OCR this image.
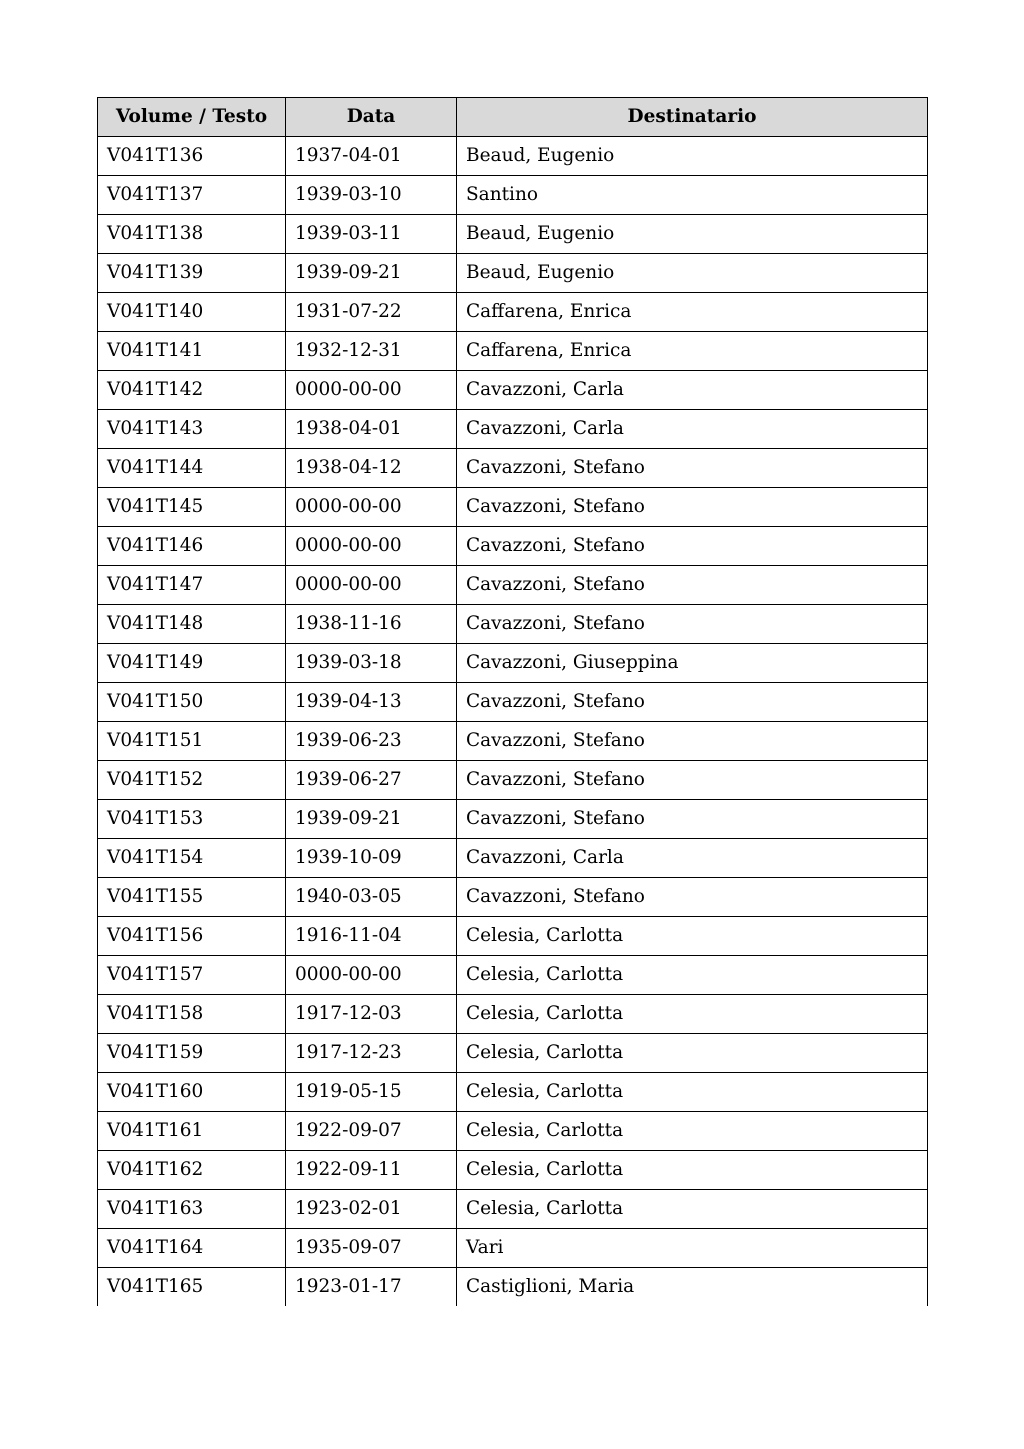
Volume / Testo	Data	Destinatario
V041T136	1937-04-01	Beaud, Eugenio
V041T137	1939-03-10	Santino
V041T138	1939-03-11	Beaud, Eugenio
V041T139	1939-09-21	Beaud, Eugenio
V041T140	1931-07-22	Caffarena, Enrica
V041T141	1932-12-31	Caffarena, Enrica
V041T142	0000-00-00	Cavazzoni, Carla
V041T143	1938-04-01	Cavazzoni, Carla
V041T144	1938-04-12	Cavazzoni, Stefano
V041T145	0000-00-00	Cavazzoni, Stefano
V041T146	0000-00-00	Cavazzoni, Stefano
V041T147	0000-00-00	Cavazzoni, Stefano
V041T148	1938-11-16	Cavazzoni, Stefano
V041T149	1939-03-18	Cavazzoni, Giuseppina
V041T150	1939-04-13	Cavazzoni, Stefano
V041T151	1939-06-23	Cavazzoni, Stefano
V041T152	1939-06-27	Cavazzoni, Stefano
V041T153	1939-09-21	Cavazzoni, Stefano
V041T154	1939-10-09	Cavazzoni, Carla
V041T155	1940-03-05	Cavazzoni, Stefano
V041T156	1916-11-04	Celesia, Carlotta
V041T157	0000-00-00	Celesia, Carlotta
V041T158	1917-12-03	Celesia, Carlotta
V041T159	1917-12-23	Celesia, Carlotta
V041T160	1919-05-15	Celesia, Carlotta
V041T161	1922-09-07	Celesia, Carlotta
V041T162	1922-09-11	Celesia, Carlotta
V041T163	1923-02-01	Celesia, Carlotta
V041T164	1935-09-07	Vari
V041T165	1923-01-17	Castiglioni, Maria
